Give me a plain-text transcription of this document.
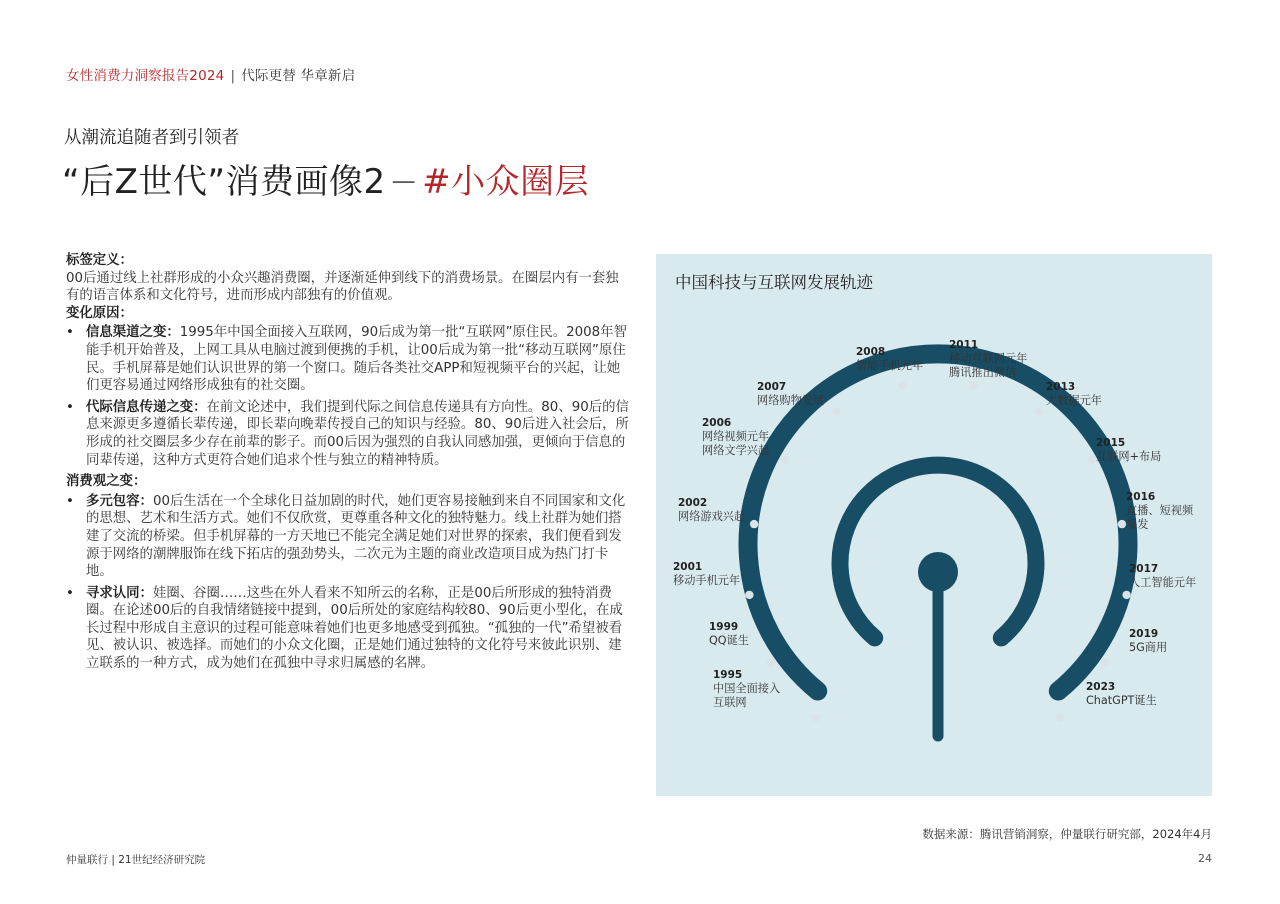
女性消费力洞察报告2024 | 代际更替 华章新启
从潮流追随者到引领者
“后Z世代”消费画像2 — #小众圈层

标签定义：

00后通过线上社群形成的小众兴趣消费圈，并逐渐延伸到线下的消费场景。在圈层内有一套独有的语言体系和文化符号，进而形成内部独有的价值观。

变化原因：

• 信息渠道之变：1995年中国全面接入互联网，90后成为第一批“互联网”原住民。2008年智能手机开始普及，上网工具从电脑过渡到便携的手机，让00后成为第一批“移动互联网”原住民。手机屏幕是她们认识世界的第一个窗口。随后各类社交APP和短视频平台的兴起，让她们更容易通过网络形成独有的社交圈。
• 代际信息传递之变：在前文论述中，我们提到代际之间信息传递具有方向性。80、90后的信息来源更多遵循长辈传递，即长辈向晚辈传授自己的知识与经验。80、90后进入社会后，所形成的社交圈层多少存在前辈的影子。而00后因为强烈的自我认同感加强，更倾向于信息的同辈传递，这种方式更符合她们追求个性与独立的精神特质。

消费观之变：

• 多元包容：00后生活在一个全球化日益加剧的时代，她们更容易接触到来自不同国家和文化的思想、艺术和生活方式。她们不仅欣赏，更尊重各种文化的独特魅力。线上社群为她们搭建了交流的桥梁。但手机屏幕的一方天地已不能完全满足她们对世界的探索，我们便看到发源于网络的潮牌服饰在线下拓店的强劲势头，二次元为主题的商业改造项目成为热门打卡地。
• 寻求认同：娃圈、谷圈……这些在外人看来不知所云的名称，正是00后所形成的独特消费圈。在论述00后的自我情绪链接中提到，00后所处的家庭结构较80、90后更小型化，在成长过程中形成自主意识的过程可能意味着她们也更多地感受到孤独。“孤独的一代”希望被看见、被认识、被选择。而她们的小众文化圈，正是她们通过独特的文化符号来彼此识别、建立联系的一种方式，成为她们在孤独中寻求归属感的名牌。
中国科技与互联网发展轨迹
1995
中国全面接入
互联网
1999
QQ诞生
2001
移动手机元年
2002
网络游戏兴起
2006
网络视频元年
网络文学兴起
2007
网络购物发展
2008
智能手机元年
2011
移动互联网元年
腾讯推出微信
2013
大数据元年
2015
互联网+布局
2016
直播、短视频
爆发
2017
人工智能元年
2019
5G商用
2023
ChatGPT诞生
数据来源：腾讯营销洞察，仲量联行研究部，2024年4月
仲量联行 | 21世纪经济研究院	24
